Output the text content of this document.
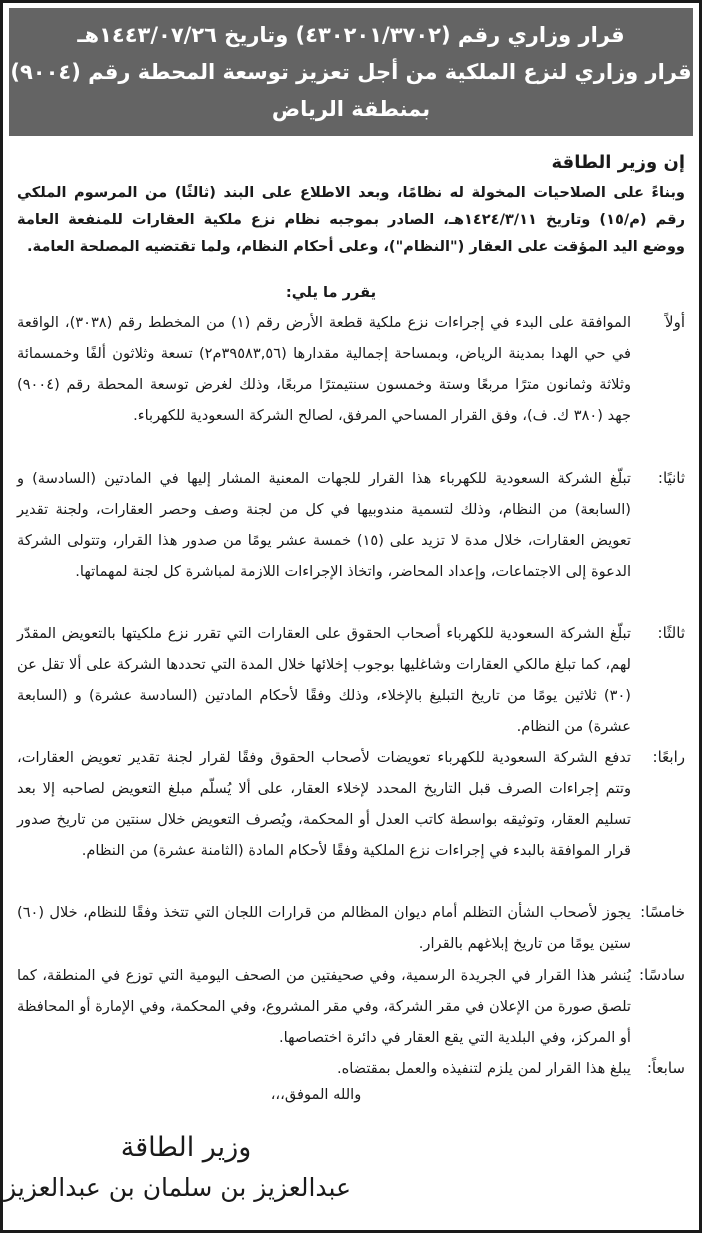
قرار وزاري رقم (٤٣٠٢٠١/٣٧٠٢) وتاريخ ١٤٤٣/٠٧/٢٦هـ
قرار وزاري لنزع الملكية من أجل تعزيز توسعة المحطة رقم (٩٠٠٤)
بمنطقة الرياض

إن وزير الطاقة

وبناءً على الصلاحيات المخولة له نظامًا، وبعد الاطلاع على البند (ثالثًا) من المرسوم الملكي رقم (م/١٥) وتاريخ ١٤٢٤/٣/١١هـ، الصادر بموجبه نظام نزع ملكية العقارات للمنفعة العامة ووضع اليد المؤقت على العقار ("النظام")، وعلى أحكام النظام، ولما تقتضيه المصلحة العامة.

يقرر ما يلي:
أولاً
الموافقة على البدء في إجراءات نزع ملكية قطعة الأرض رقم (١) من المخطط رقم (٣٠٣٨)، الواقعة في حي الهدا بمدينة الرياض، وبمساحة إجمالية مقدارها (٣٩٥٨٣,٥٦م٢) تسعة وثلاثون ألفًا وخمسمائة وثلاثة وثمانون مترًا مربعًا وستة وخمسون سنتيمترًا مربعًا، وذلك لغرض توسعة المحطة رقم (٩٠٠٤) جهد (٣٨٠ ك. ف)، وفق القرار المساحي المرفق، لصالح الشركة السعودية للكهرباء.
ثانيًا:
تبلّغ الشركة السعودية للكهرباء هذا القرار للجهات المعنية المشار إليها في المادتين (السادسة) و (السابعة) من النظام، وذلك لتسمية مندوبيها في كل من لجنة وصف وحصر العقارات، ولجنة تقدير تعويض العقارات، خلال مدة لا تزيد على (١٥) خمسة عشر يومًا من صدور هذا القرار، وتتولى الشركة الدعوة إلى الاجتماعات، وإعداد المحاضر، واتخاذ الإجراءات اللازمة لمباشرة كل لجنة لمهماتها.
ثالثًا:
تبلّغ الشركة السعودية للكهرباء أصحاب الحقوق على العقارات التي تقرر نزع ملكيتها بالتعويض المقدّر لهم، كما تبلغ مالكي العقارات وشاغليها بوجوب إخلائها خلال المدة التي تحددها الشركة على ألا تقل عن (٣٠) ثلاثين يومًا من تاريخ التبليغ بالإخلاء، وذلك وفقًا لأحكام المادتين (السادسة عشرة) و (السابعة عشرة) من النظام.
رابعًا:
تدفع الشركة السعودية للكهرباء تعويضات لأصحاب الحقوق وفقًا لقرار لجنة تقدير تعويض العقارات، وتتم إجراءات الصرف قبل التاريخ المحدد لإخلاء العقار، على ألا يُسلّم مبلغ التعويض لصاحبه إلا بعد تسليم العقار، وتوثيقه بواسطة كاتب العدل أو المحكمة، ويُصرف التعويض خلال سنتين من تاريخ صدور قرار الموافقة بالبدء في إجراءات نزع الملكية وفقًا لأحكام المادة (الثامنة عشرة) من النظام.
خامسًا:
يجوز لأصحاب الشأن التظلم أمام ديوان المظالم من قرارات اللجان التي تتخذ وفقًا للنظام، خلال (٦٠) ستين يومًا من تاريخ إبلاغهم بالقرار.
سادسًا:
يُنشر هذا القرار في الجريدة الرسمية، وفي صحيفتين من الصحف اليومية التي توزع في المنطقة، كما تلصق صورة من الإعلان في مقر الشركة، وفي مقر المشروع، وفي المحكمة، وفي الإمارة أو المحافظة أو المركز، وفي البلدية التي يقع العقار في دائرة اختصاصها.
سابعاً:
يبلغ هذا القرار لمن يلزم لتنفيذه والعمل بمقتضاه.
والله الموفق،،،
وزير الطاقة
عبدالعزيز بن سلمان بن عبدالعزيز
